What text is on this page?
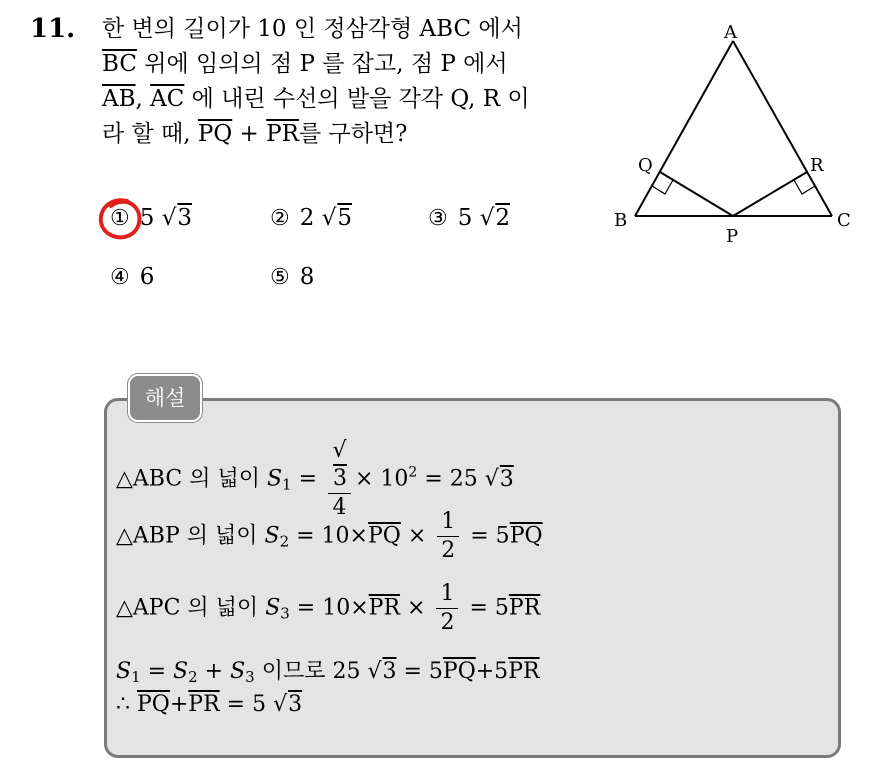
11. 한 변의 길이가 10 인 정삼각형 ABC 에서
$\overline{BC}$ 위에 임의의 점 P 를 잡고, 점 P 에서
$\overline{AB}$, $\overline{AC}$ 에 내린 수선의 발을 각각 Q, R 이
라 할 때, $\overline{PQ} + \overline{PR}$를 구하면?
① 5 √3	② 2 √5	③ 5 √2
④ 6	⑤ 8
A
B	C
P
Q	R
해설
△ABC 의 넓이 $S_1$ = √
3
$4 \times 10^2 = 25$ √3
△ABP 의 넓이 $S_2 = 10\times\overline{PQ} \times \frac{1}{2} = 5\overline{PQ}$
△APC 의 넓이 $S_3 = 10\times\overline{PR} \times \frac{1}{2} = 5\overline{PR}$
$S_1 = S_2 + S_3$ 이므로 25 $√3 = 5\overline{PQ}+5\overline{PR}$
∴ $\overline{PQ}+\overline{PR} = 5$ √3
